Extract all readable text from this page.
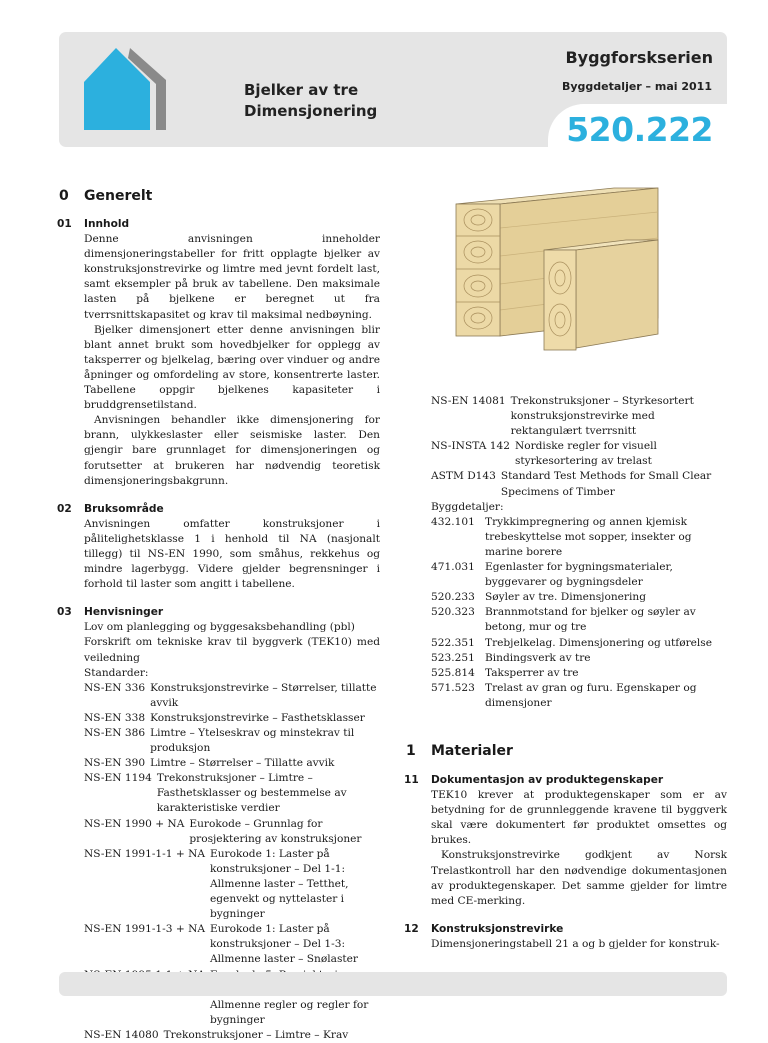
Bjelker av tre
Dimensjonering
Byggforskserien
Byggdetaljer – mai 2011
520.222
0 Generelt
01 Innhold

Denne anvisningen inneholder dimensjoneringstabeller for fritt opplagte bjelker av konstruksjonstrevirke og limtre med jevnt fordelt last, samt eksempler på bruk av tabellene. Den maksimale lasten på bjelkene er beregnet ut fra tverrsnittskapasitet og krav til maksimal nedbøyning.

Bjelker dimensjonert etter denne anvisningen blir blant annet brukt som hovedbjelker for opplegg av taksperrer og bjelkelag, bæring over vinduer og andre åpninger og omfordeling av store, konsentrerte laster. Tabellene oppgir bjelkenes kapasiteter i bruddgrensetilstand.

Anvisningen behandler ikke dimensjonering for brann, ulykkeslaster eller seismiske laster. Den gjengir bare grunnlaget for dimensjoneringen og forutsetter at brukeren har nødvendig teoretisk dimensjoneringsbakgrunn.

02 Bruksområde

Anvisningen omfatter konstruksjoner i pålitelighetsklasse 1 i henhold til NA (nasjonalt tillegg) til NS-EN 1990, som småhus, rekkehus og mindre lagerbygg. Videre gjelder begrensninger i forhold til laster som angitt i tabellene.

03 Henvisninger
Lov om planlegging og byggesaksbehandling (pbl)

Forskrift om tekniske krav til byggverk (TEK10) med veiledning

Standarder:
NS-EN 336 Konstruksjonstrevirke – Størrelser, tillatte avvik
NS-EN 338 Konstruksjonstrevirke – Fasthetsklasser
NS-EN 386 Limtre – Ytelseskrav og minstekrav til produksjon
NS-EN 390 Limtre – Størrelser – Tillatte avvik
NS-EN 1194 Trekonstruksjoner – Limtre – Fasthetsklasser og bestemmelse av karakteristiske verdier
NS-EN 1990 + NA Eurokode – Grunnlag for prosjektering av konstruksjoner
NS-EN 1991-1-1 + NA Eurokode 1: Laster på konstruksjoner – Del 1-1: Allmenne laster – Tetthet, egenvekt og nyttelaster i bygninger
NS-EN 1991-1-3 + NA Eurokode 1: Laster på konstruksjoner – Del 1-3: Allmenne laster – Snølaster
Allmenne regler og regler for bygninger
NS-EN 14080 Trekonstruksjoner – Limtre – Krav
NS-EN 14081 Trekonstruksjoner – Styrkesortert konstruksjonstrevirke med rektangulært tverrsnitt
NS-INSTA 142 Nordiske regler for visuell styrkesortering av trelast
ASTM D143 Standard Test Methods for Small Clear Specimens of Timber
Byggdetaljer:
432.101 Trykkimpregnering og annen kjemisk trebeskyttelse mot sopper, insekter og marine borere
471.031 Egenlaster for bygningsmaterialer, byggevarer og bygningsdeler
520.233 Søyler av tre. Dimensjonering
520.323 Brannmotstand for bjelker og søyler av betong, mur og tre
522.351 Trebjelkelag. Dimensjonering og utførelse
523.251 Bindingsverk av tre
525.814 Taksperrer av tre
571.523 Trelast av gran og furu. Egenskaper og dimensjoner
1 Materialer
11 Dokumentasjon av produktegenskaper

TEK10 krever at produktegenskaper som er av betydning for de grunnleggende kravene til byggverk skal være dokumentert før produktet omsettes og brukes.

Konstruksjonstrevirke godkjent av Norsk Trelastkontroll har den nødvendige dokumentasjonen av produktegenskaper. Det samme gjelder for limtre med CE-merking.

12 Konstruksjonstrevirke

Dimensjoneringstabell 21 a og b gjelder for konstruk-
